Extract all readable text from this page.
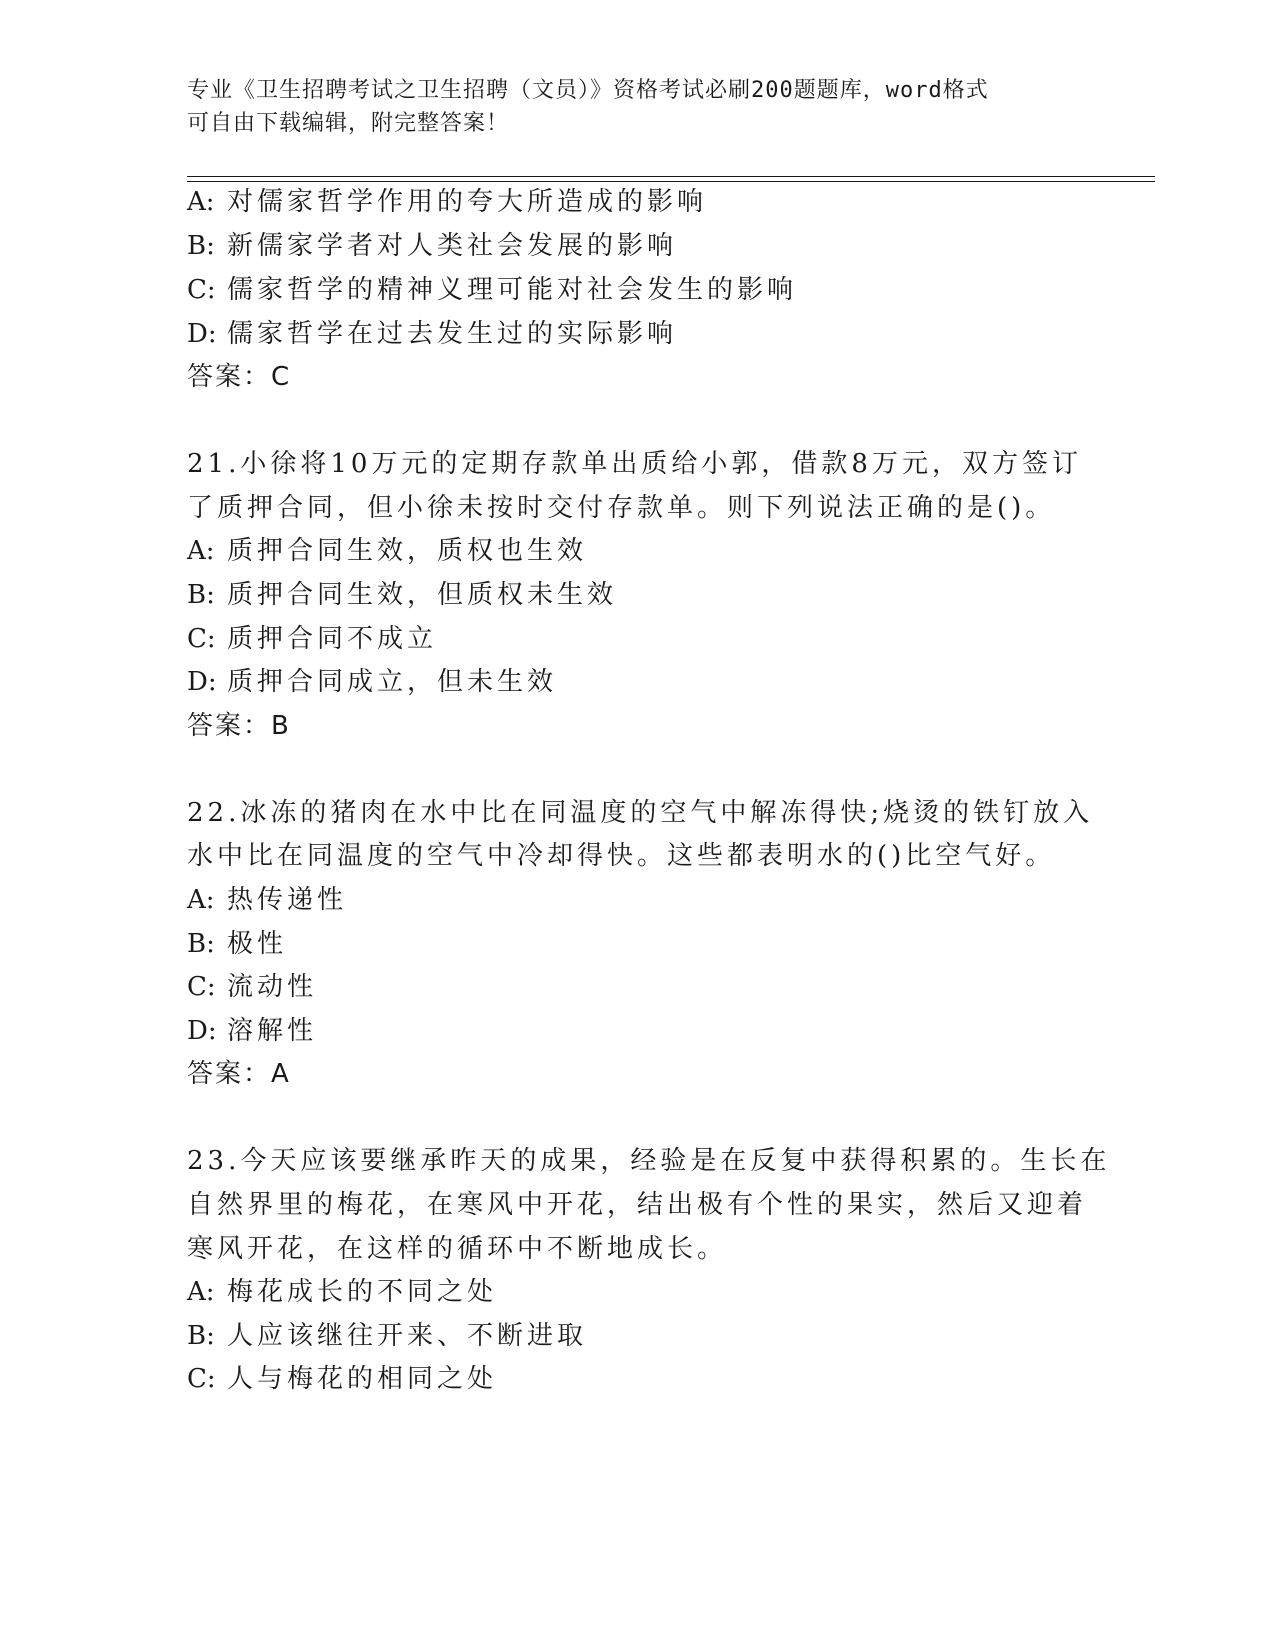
专业《卫生招聘考试之卫生招聘（文员）》资格考试必刷200题题库，word格式
可自由下载编辑，附完整答案！
A: 对儒家哲学作用的夸大所造成的影响
B: 新儒家学者对人类社会发展的影响
C: 儒家哲学的精神义理可能对社会发生的影响
D: 儒家哲学在过去发生过的实际影响
答案：C
21.小徐将10万元的定期存款单出质给小郭，借款8万元，双方签订
了质押合同，但小徐未按时交付存款单。则下列说法正确的是()。
A: 质押合同生效，质权也生效
B: 质押合同生效，但质权未生效
C: 质押合同不成立
D: 质押合同成立，但未生效
答案：B
22.冰冻的猪肉在水中比在同温度的空气中解冻得快;烧烫的铁钉放入
水中比在同温度的空气中冷却得快。这些都表明水的()比空气好。
A: 热传递性
B: 极性
C: 流动性
D: 溶解性
答案：A
23.今天应该要继承昨天的成果，经验是在反复中获得积累的。生长在
自然界里的梅花，在寒风中开花，结出极有个性的果实，然后又迎着
寒风开花，在这样的循环中不断地成长。
A: 梅花成长的不同之处
B: 人应该继往开来、不断进取
C: 人与梅花的相同之处
